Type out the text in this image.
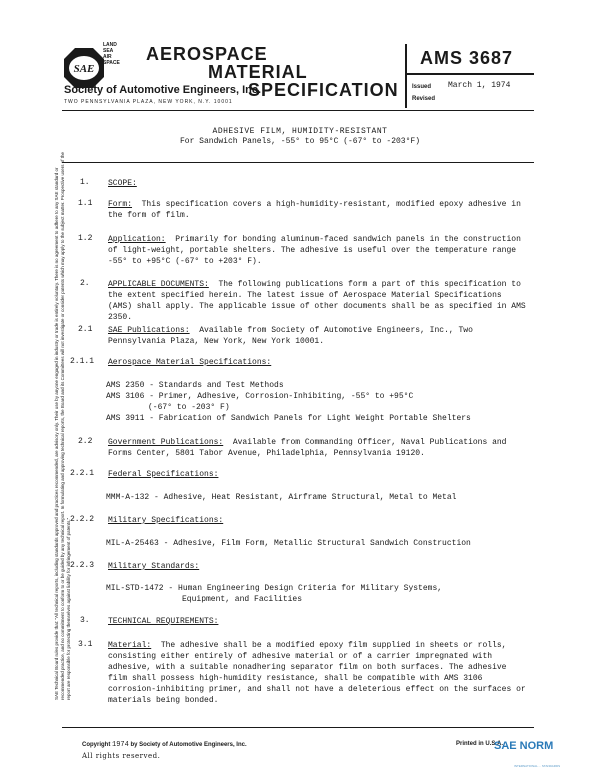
SAE
LAND
SEA
AIR
SPACE AEROSPACE
MATERIAL
SPECIFICATION
Society of Automotive Engineers, Inc.
TWO PENNSYLVANIA PLAZA, NEW YORK, N.Y. 10001
AMS 3687
Issued March 1, 1974
Revised
ADHESIVE FILM, HUMIDITY-RESISTANT
For Sandwich Panels, -55° to 95°C (-67° to -203°F)
SAE Technical Board rules provide that: "All technical reports, including standards approved and practices recommended, are advisory only. Their use by anyone engaged in industry or trade is entirely voluntary. There is no agreement to adhere to any SAE standard or recommended practice, and no commitment to conform to or be guided by any technical report. In formulating and approving technical reports, the Board and its Committees will not investigate or consider patents which may apply to the subject matter. Prospective users of the report are responsible for protecting themselves against liability for infringement of patents."
1. SCOPE:
1.1 Form: This specification covers a high-humidity-resistant, modified epoxy adhesive in the form of film.
1.2 Application: Primarily for bonding aluminum-faced sandwich panels in the construction of light-weight, portable shelters. The adhesive is useful over the temperature range -55° to +95°C (-67° to +203° F).
2. APPLICABLE DOCUMENTS: The following publications form a part of this specification to the extent specified herein. The latest issue of Aerospace Material Specifications (AMS) shall apply. The applicable issue of other documents shall be as specified in AMS 2350.
2.1 SAE Publications: Available from Society of Automotive Engineers, Inc., Two Pennsylvania Plaza, New York, New York 10001.
2.1.1 Aerospace Material Specifications:
AMS 2350 - Standards and Test Methods
AMS 3106 - Primer, Adhesive, Corrosion-Inhibiting, -55° to +95°C
(-67° to -203° F)
AMS 3911 - Fabrication of Sandwich Panels for Light Weight Portable Shelters
2.2 Government Publications: Available from Commanding Officer, Naval Publications and Forms Center, 5801 Tabor Avenue, Philadelphia, Pennsylvania 19120.
2.2.1 Federal Specifications:
MMM-A-132 - Adhesive, Heat Resistant, Airframe Structural, Metal to Metal
2.2.2 Military Specifications:
MIL-A-25463 - Adhesive, Film Form, Metallic Structural Sandwich Construction
2.2.3 Military Standards:
MIL-STD-1472 - Human Engineering Design Criteria for Military Systems,
Equipment, and Facilities
3. TECHNICAL REQUIREMENTS:
3.1 Material: The adhesive shall be a modified epoxy film supplied in sheets or rolls, consisting either entirely of adhesive material or of a carrier impregnated with adhesive, with a suitable nonadhering separator film on both surfaces. The adhesive film shall possess high-humidity resistance, shall be compatible with AMS 3106 corrosion-inhibiting primer, and shall not have a deleterious effect on the surfaces or materials being bonded.
Copyright 1974 by Society of Automotive Engineers, Inc.
All rights reserved.
Printed in U.S.A.
SAE NORM
INTERNATIONAL ... STANDARDS
